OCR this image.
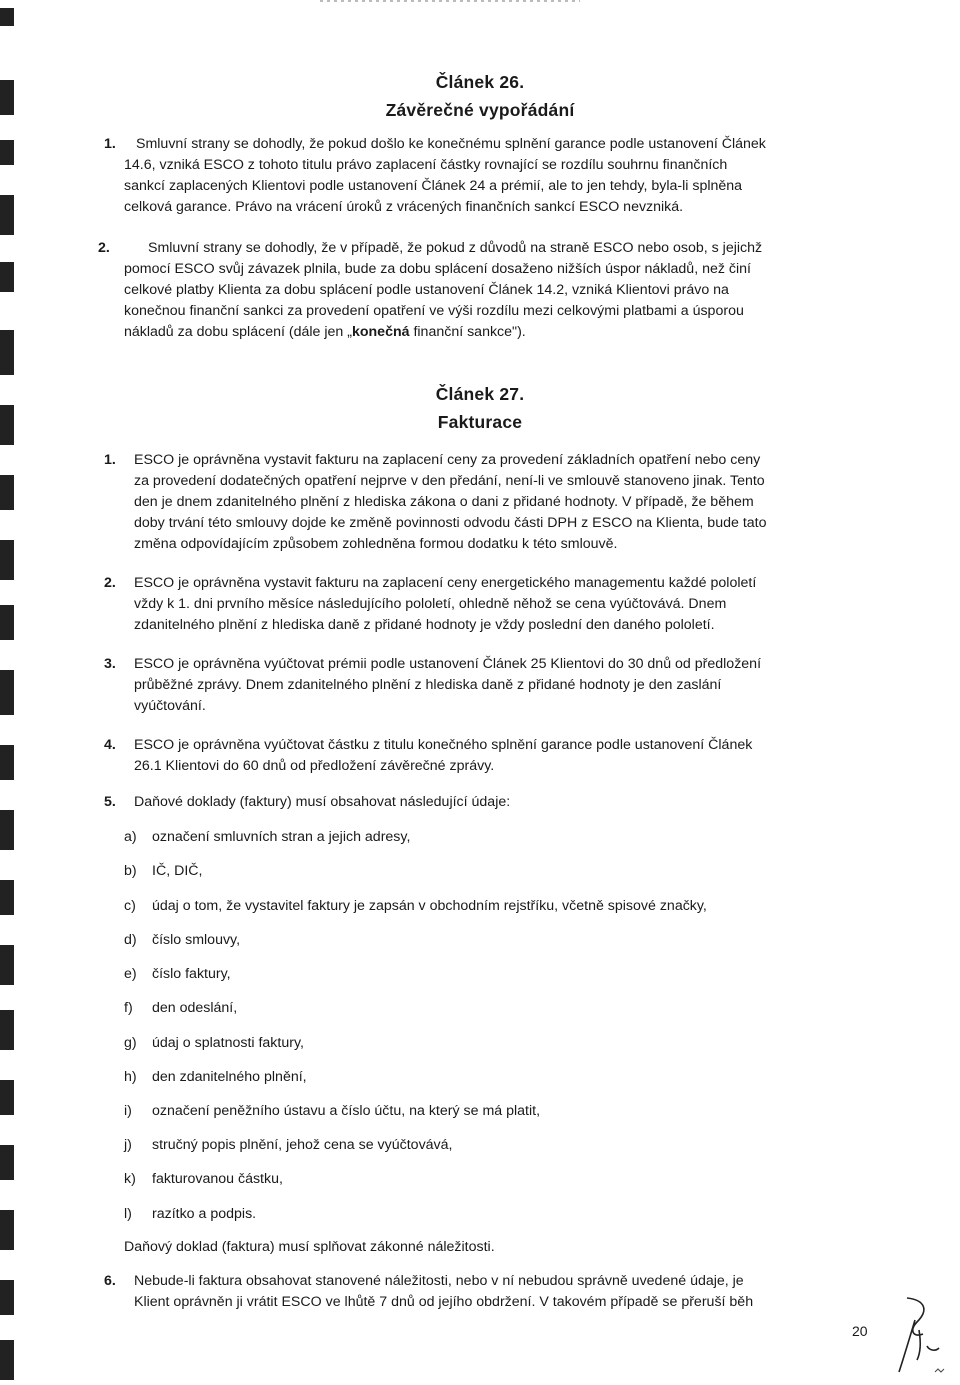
Článek 26.
Závěrečné vypořádání
1. Smluvní strany se dohodly, že pokud došlo ke konečnému splnění garance podle ustanovení Článek
14.6, vzniká ESCO z tohoto titulu právo zaplacení částky rovnající se rozdílu souhrnu finančních
sankcí zaplacených Klientovi podle ustanovení Článek 24 a prémií, ale to jen tehdy, byla-li splněna
celková garance. Právo na vrácení úroků z vrácených finančních sankcí ESCO nevzniká.
2.	Smluvní strany se dohodly, že v případě, že pokud z důvodů na straně ESCO nebo osob, s jejichž
pomocí ESCO svůj závazek plnila, bude za dobu splácení dosaženo nižších úspor nákladů, než činí
celkové platby Klienta za dobu splácení podle ustanovení Článek 14.2, vzniká Klientovi právo na
konečnou finanční sankci za provedení opatření ve výši rozdílu mezi celkovými platbami a úsporou
nákladů za dobu splácení (dále jen „konečná finanční sankce").
Článek 27.
Fakturace
1. ESCO je oprávněna vystavit fakturu na zaplacení ceny za provedení základních opatření nebo ceny
za provedení dodatečných opatření nejprve v den předání, není-li ve smlouvě stanoveno jinak. Tento
den je dnem zdanitelného plnění z hlediska zákona o dani z přidané hodnoty. V případě, že během
doby trvání této smlouvy dojde ke změně povinnosti odvodu části DPH z ESCO na Klienta, bude tato
změna odpovídajícím způsobem zohledněna formou dodatku k této smlouvě.
2. ESCO je oprávněna vystavit fakturu na zaplacení ceny energetického managementu každé pololetí
vždy k 1. dni prvního měsíce následujícího pololetí, ohledně něhož se cena vyúčtovává. Dnem
zdanitelného plnění z hlediska daně z přidané hodnoty je vždy poslední den daného pololetí.
3. ESCO je oprávněna vyúčtovat prémii podle ustanovení Článek 25 Klientovi do 30 dnů od předložení
průběžné zprávy. Dnem zdanitelného plnění z hlediska daně z přidané hodnoty je den zaslání
vyúčtování.
4. ESCO je oprávněna vyúčtovat částku z titulu konečného splnění garance podle ustanovení Článek
26.1 Klientovi do 60 dnů od předložení závěrečné zprávy.
5. Daňové doklady (faktury) musí obsahovat následující údaje:
a) označení smluvních stran a jejich adresy,
b) IČ, DIČ,
c) údaj o tom, že vystavitel faktury je zapsán v obchodním rejstříku, včetně spisové značky,
d) číslo smlouvy,
e) číslo faktury,
f) den odeslání,
g) údaj o splatnosti faktury,
h) den zdanitelného plnění,
i) označení peněžního ústavu a číslo účtu, na který se má platit,
j) stručný popis plnění, jehož cena se vyúčtovává,
k) fakturovanou částku,
l) razítko a podpis.
Daňový doklad (faktura) musí splňovat zákonné náležitosti.
6. Nebude-li faktura obsahovat stanovené náležitosti, nebo v ní nebudou správně uvedené údaje, je
Klient oprávněn ji vrátit ESCO ve lhůtě 7 dnů od jejího obdržení. V takovém případě se přeruší běh
20
